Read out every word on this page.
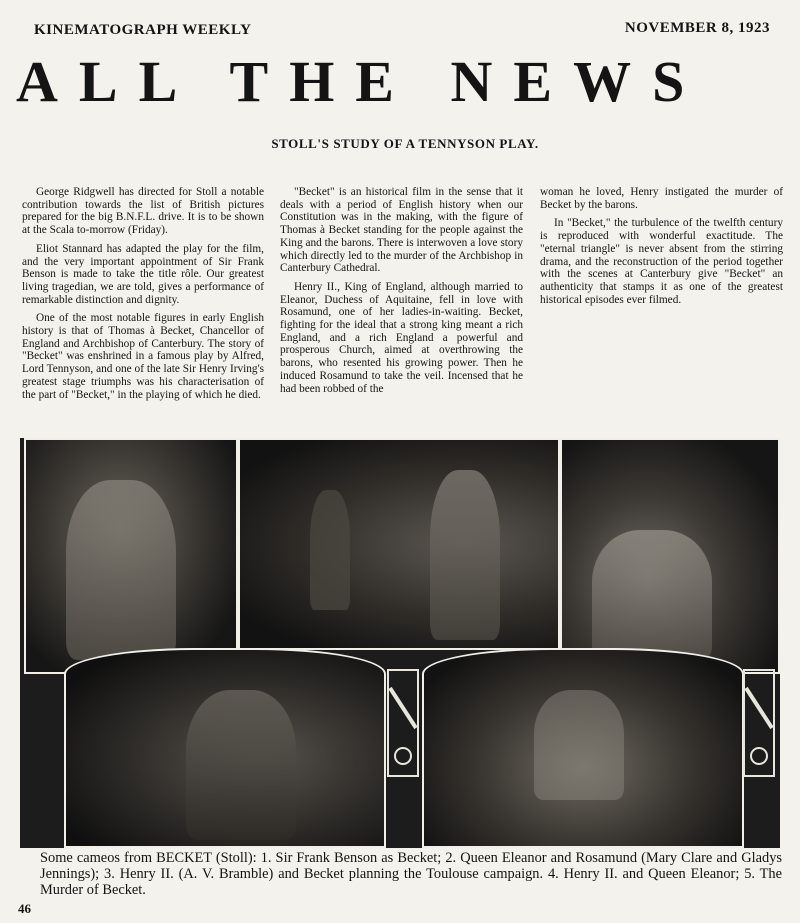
KINEMATOGRAPH WEEKLY	NOVEMBER 8, 1923
ALL THE NEWS
STOLL'S STUDY OF A TENNYSON PLAY.

George Ridgwell has directed for Stoll a notable contribution towards the list of British pictures prepared for the big B.N.F.L. drive. It is to be shown at the Scala to-morrow (Friday).

Eliot Stannard has adapted the play for the film, and the very important appointment of Sir Frank Benson is made to take the title rôle. Our greatest living tragedian, we are told, gives a performance of remarkable distinction and dignity.

One of the most notable figures in early English history is that of Thomas à Becket, Chancellor of England and Archbishop of Canterbury. The story of "Becket" was enshrined in a famous play by Alfred, Lord Tennyson, and one of the late Sir Henry Irving's greatest stage triumphs was his characterisation of the part of "Becket," in the playing of which he died.

"Becket" is an historical film in the sense that it deals with a period of English history when our Constitution was in the making, with the figure of Thomas à Becket standing for the people against the King and the barons. There is interwoven a love story which directly led to the murder of the Archbishop in Canterbury Cathedral.

Henry II., King of England, although married to Eleanor, Duchess of Aquitaine, fell in love with Rosamund, one of her ladies-in-waiting. Becket, fighting for the ideal that a strong king meant a rich England, and a rich England a powerful and prosperous Church, aimed at overthrowing the barons, who resented his growing power. Then he induced Rosamund to take the veil. Incensed that he had been robbed of the

woman he loved, Henry instigated the murder of Becket by the barons.

In "Becket," the turbulence of the twelfth century is reproduced with wonderful exactitude. The "eternal triangle" is never absent from the stirring drama, and the reconstruction of the period together with the scenes at Canterbury give "Becket" an authenticity that stamps it as one of the greatest historical episodes ever filmed.

Some cameos from BECKET (Stoll): 1. Sir Frank Benson as Becket; 2. Queen Eleanor and Rosamund (Mary Clare and Gladys Jennings); 3. Henry II. (A. V. Bramble) and Becket planning the Toulouse campaign. 4. Henry II. and Queen Eleanor; 5. The Murder of Becket.
46
